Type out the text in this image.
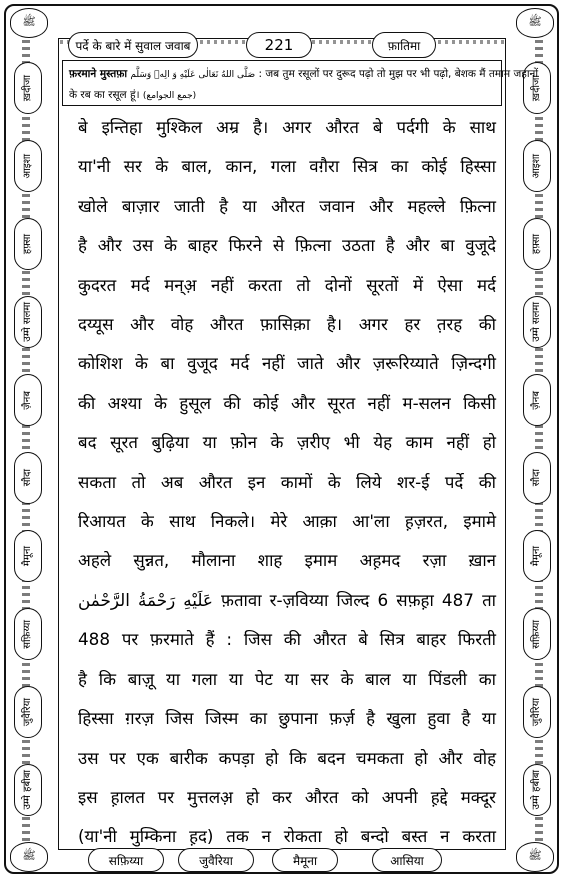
ﷺ	ﷺ
पर्दे के बारे में सुवाल जवाब	221	फ़ातिमा
ख़दीजा
आइशा
हफ़्सा
उम्मे सलमा
ज़ैनब
सौदा
मैमूना
सफ़िय्या
जुवैरिया
उम्मे हबीबा
ख़दीजा
आइशा
हफ़्सा
उम्मे सलमा
ज़ैनब
सौदा
मैमूना
सफ़िय्या
जुवैरिया
उम्मे हबीबा
फ़रमाने मुस्तफ़ा صَلَّى اللهُ تَعَالٰى عَلَيْهِ وَ الِهٖ وَسَلَّم : जब तुम रसूलों पर दुरूद पढ़ो तो मुझ पर भी पढ़ो, बेशक मैं तमाम जहानों
के रब का रसूल हूं। (جمع الجوامع)
बे इन्तिहा मुश्किल अम्र है। अगर औरत बे पर्दगी के साथ
या'नी सर के बाल, कान, गला वगै़रा सित्र का कोई हिस्सा
खोले बाज़ार जाती है या औरत जवान और महल्ले फ़ित्ना
है और उस के बाहर फिरने से फ़ित्ना उठता है और बा वुजूदे
कुदरत मर्द मन्अ़ नहीं करता तो दोनों सूरतों में ऐसा मर्द
दय्यूस और वोह औरत फ़ासिक़ा है। अगर हर त़रह की
कोशिश के बा वुजूद मर्द नहीं जाते और ज़रूरिय्याते ज़िन्दगी
की अश्या के हुसूल की कोई और सूरत नहीं म-सलन किसी
बद सूरत बुढ़िया या फ़ोन के ज़रीए भी येह काम नहीं हो
सकता तो अब औरत इन कामों के लिये शर-ई पर्दे की
रिआयत के साथ निकले। मेरे आक़ा आ'ला ह़ज़रत, इमामे
अहले सुन्नत, मौलाना शाह इमाम अह़मद रज़ा ख़ान
عَلَيْهِ رَحْمَةُ الرَّحْمٰن फ़तावा र-ज़विय्या जिल्द 6 सफ़ह़ा 487 ता
488 पर फ़रमाते हैं : जिस की औरत बे सित्र बाहर फिरती
है कि बाज़ू या गला या पेट या सर के बाल या पिंडली का
हिस्सा ग़रज़ जिस जिस्म का छुपाना फ़र्ज़ है खुला हुवा है या
उस पर एक बारीक कपड़ा हो कि बदन चमकता हो और वोह
इस ह़ालत पर मुत्तलअ़ हो कर औरत को अपनी ह़द्दे मक्दूर
(या'नी मुम्किना ह़द) तक न रोकता हो बन्दो बस्त न करता
ﷺ	ﷺ
सफ़िय्या	जुवैरिया	मैमूना	आसिया
